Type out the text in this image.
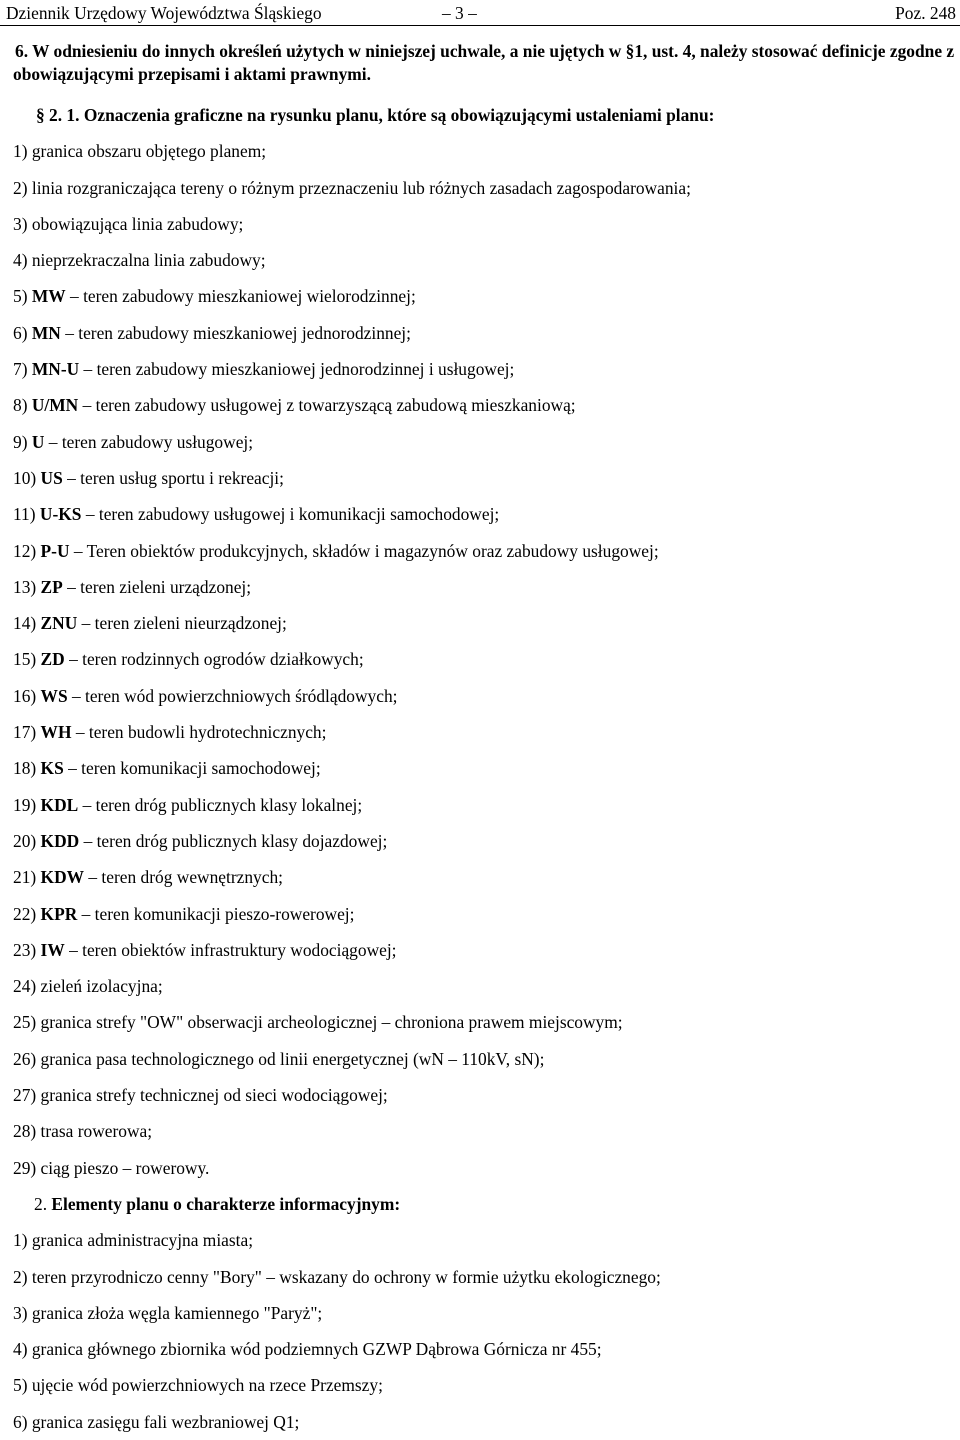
Dziennik Urzędowy Województwa Śląskiego	– 3 –	Poz. 248

6. W odniesieniu do innych określeń użytych w niniejszej uchwale, a nie ujętych w §1, ust. 4, należy stosować definicje zgodne z obowiązującymi przepisami i aktami prawnymi.

§ 2. 1. Oznaczenia graficzne na rysunku planu, które są obowiązującymi ustaleniami planu:
1) granica obszaru objętego planem;
2) linia rozgraniczająca tereny o różnym przeznaczeniu lub różnych zasadach zagospodarowania;
3) obowiązująca linia zabudowy;
4) nieprzekraczalna linia zabudowy;
5) MW – teren zabudowy mieszkaniowej wielorodzinnej;
6) MN – teren zabudowy mieszkaniowej jednorodzinnej;
7) MN-U – teren zabudowy mieszkaniowej jednorodzinnej i usługowej;
8) U/MN – teren zabudowy usługowej z towarzyszącą zabudową mieszkaniową;
9) U – teren zabudowy usługowej;
10) US – teren usług sportu i rekreacji;
11) U-KS – teren zabudowy usługowej i komunikacji samochodowej;
12) P-U – Teren obiektów produkcyjnych, składów i magazynów oraz zabudowy usługowej;
13) ZP – teren zieleni urządzonej;
14) ZNU – teren zieleni nieurządzonej;
15) ZD – teren rodzinnych ogrodów działkowych;
16) WS – teren wód powierzchniowych śródlądowych;
17) WH – teren budowli hydrotechnicznych;
18) KS – teren komunikacji samochodowej;
19) KDL – teren dróg publicznych klasy lokalnej;
20) KDD – teren dróg publicznych klasy dojazdowej;
21) KDW – teren dróg wewnętrznych;
22) KPR – teren komunikacji pieszo-rowerowej;
23) IW – teren obiektów infrastruktury wodociągowej;
24) zieleń izolacyjna;
25) granica strefy "OW" obserwacji archeologicznej – chroniona prawem miejscowym;
26) granica pasa technologicznego od linii energetycznej (wN – 110kV, sN);
27) granica strefy technicznej od sieci wodociągowej;
28) trasa rowerowa;
29) ciąg pieszo – rowerowy.
2. Elementy planu o charakterze informacyjnym:
1) granica administracyjna miasta;
2) teren przyrodniczo cenny "Bory" – wskazany do ochrony w formie użytku ekologicznego;
3) granica złoża węgla kamiennego "Paryż";
4) granica głównego zbiornika wód podziemnych GZWP Dąbrowa Górnicza nr 455;
5) ujęcie wód powierzchniowych na rzece Przemszy;
6) granica zasięgu fali wezbraniowej Q1;
